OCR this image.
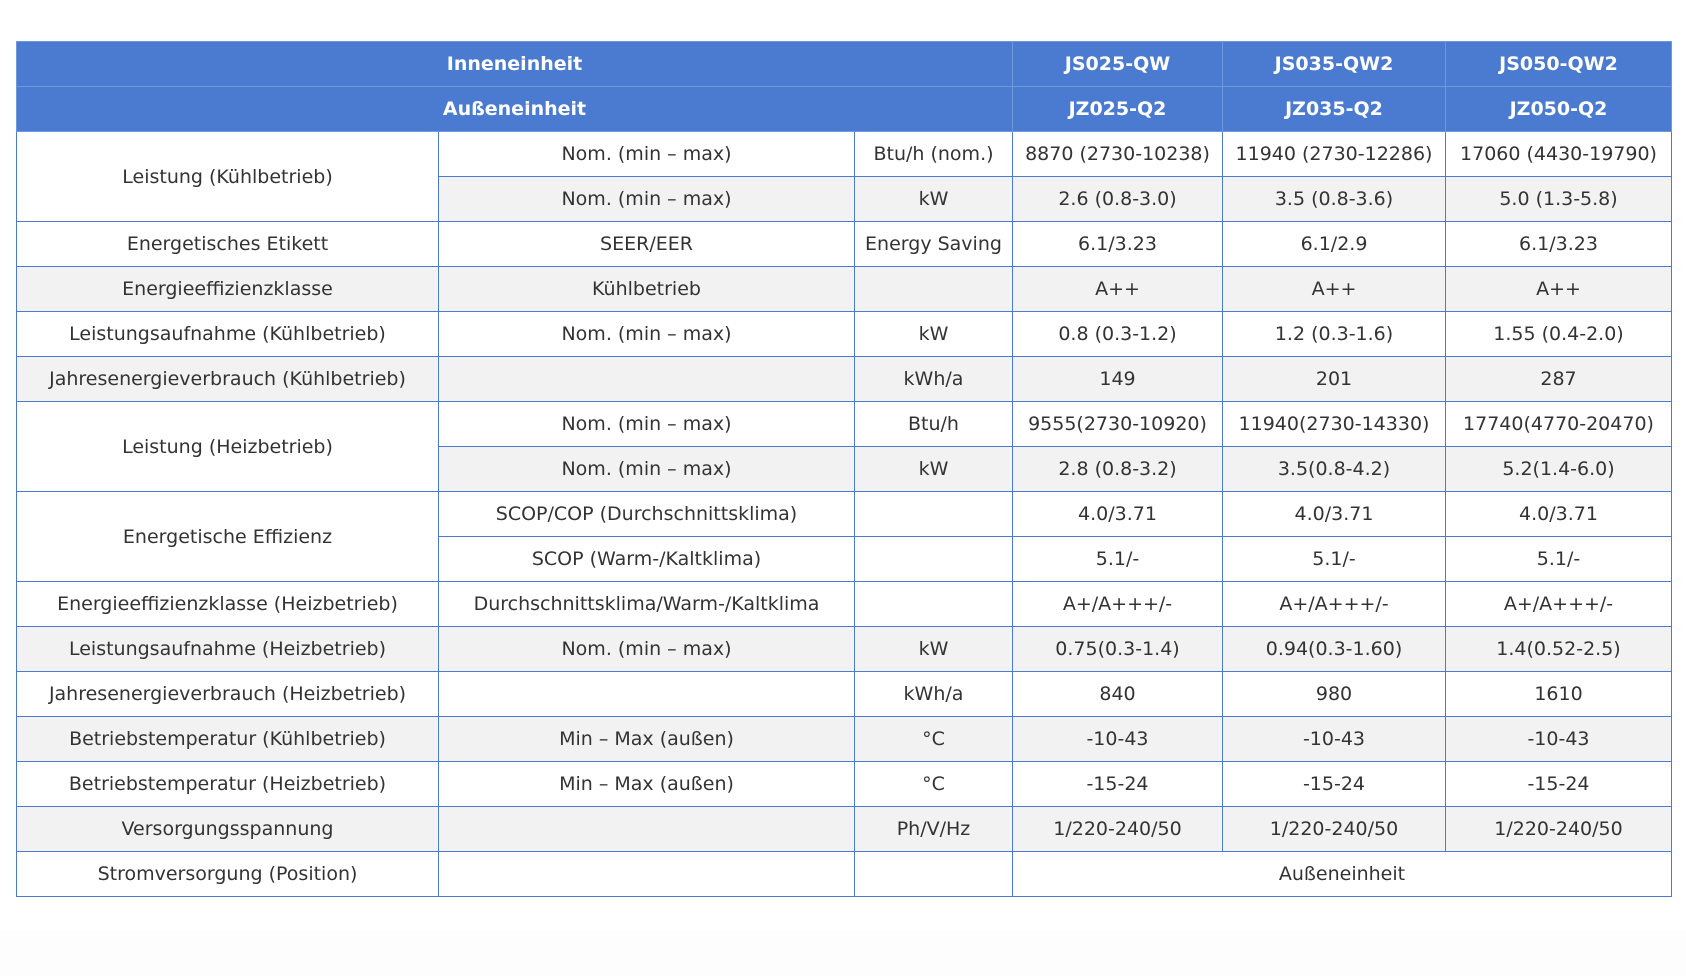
Inneneinheit			JS025-QW	JS035-QW2	JS050-QW2
Außeneinheit			JZ025-Q2	JZ035-Q2	JZ050-Q2
Leistung (Kühlbetrieb)	Nom. (min – max)	Btu/h (nom.)	8870 (2730-10238)	11940 (2730-12286)	17060 (4430-19790)
	Nom. (min – max)	kW	2.6 (0.8-3.0)	3.5 (0.8-3.6)	5.0 (1.3-5.8)
Energetisches Etikett	SEER/EER	Energy Saving	6.1/3.23	6.1/2.9	6.1/3.23
Energieeffizienzklasse	Kühlbetrieb		A++	A++	A++
Leistungsaufnahme (Kühlbetrieb)	Nom. (min – max)	kW	0.8 (0.3-1.2)	1.2 (0.3-1.6)	1.55 (0.4-2.0)
Jahresenergieverbrauch (Kühlbetrieb)		kWh/a	149	201	287
Leistung (Heizbetrieb)	Nom. (min – max)	Btu/h	9555(2730-10920)	11940(2730-14330)	17740(4770-20470)
	Nom. (min – max)	kW	2.8 (0.8-3.2)	3.5(0.8-4.2)	5.2(1.4-6.0)
Energetische Effizienz	SCOP/COP (Durchschnittsklima)		4.0/3.71	4.0/3.71	4.0/3.71
	SCOP (Warm-/Kaltklima)		5.1/-	5.1/-	5.1/-
Energieeffizienzklasse (Heizbetrieb)	Durchschnittsklima/Warm-/Kaltklima		A+/A+++/-	A+/A+++/-	A+/A+++/-
Leistungsaufnahme (Heizbetrieb)	Nom. (min – max)	kW	0.75(0.3-1.4)	0.94(0.3-1.60)	1.4(0.52-2.5)
Jahresenergieverbrauch (Heizbetrieb)		kWh/a	840	980	1610
Betriebstemperatur (Kühlbetrieb)	Min – Max (außen)	°C	-10-43	-10-43	-10-43
Betriebstemperatur (Heizbetrieb)	Min – Max (außen)	°C	-15-24	-15-24	-15-24
Versorgungsspannung		Ph/V/Hz	1/220-240/50	1/220-240/50	1/220-240/50
Stromversorgung (Position)			Außeneinheit		
